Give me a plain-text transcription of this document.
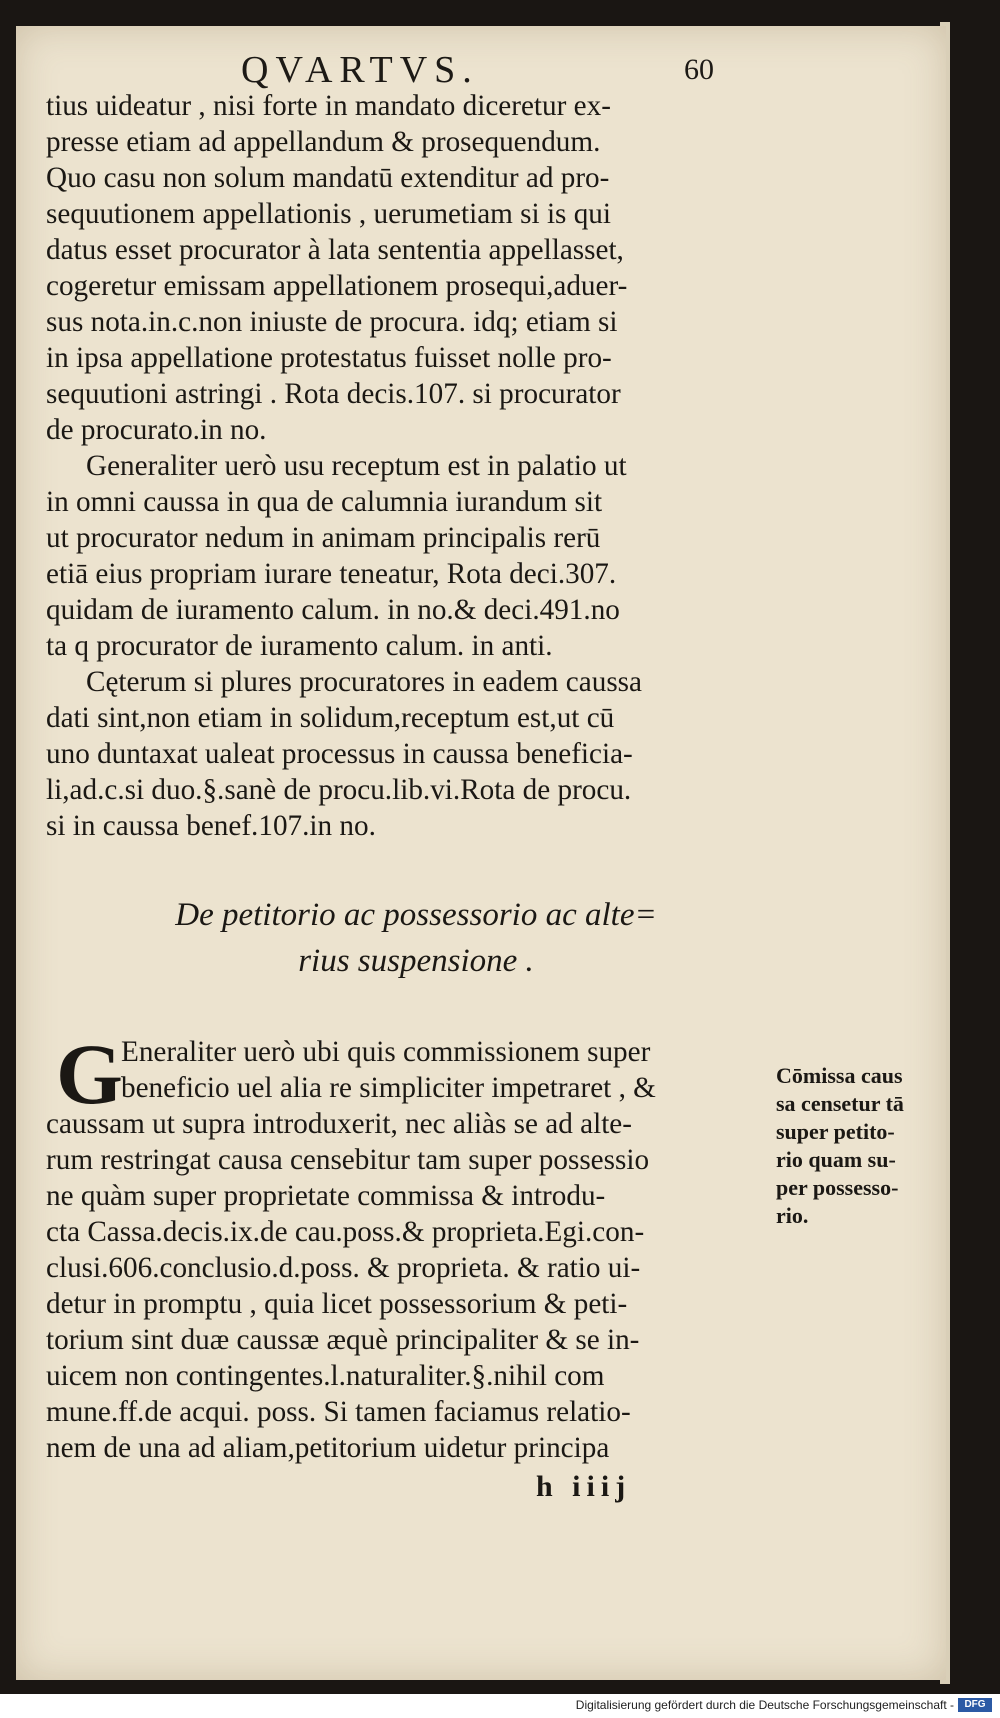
QVARTVS.	60
tius uideatur , nisi forte in mandato diceretur ex-
presse etiam ad appellandum & prosequendum.
Quo casu non solum mandatū extenditur ad pro-
sequutionem appellationis , uerumetiam si is qui
datus esset procurator à lata sententia appellasset,
cogeretur emissam appellationem prosequi,aduer-
sus nota.in.c.non iniuste de procura. idq; etiam si
in ipsa appellatione protestatus fuisset nolle pro-
sequutioni astringi . Rota decis.107. si procurator
de procurato.in no.
Generaliter uerò usu receptum est in palatio ut
in omni caussa in qua de calumnia iurandum sit
ut procurator nedum in animam principalis rerū
etiā eius propriam iurare teneatur, Rota deci.307.
quidam de iuramento calum. in no.& deci.491.no
ta q procurator de iuramento calum. in anti.
Cęterum si plures procuratores in eadem caussa
dati sint,non etiam in solidum,receptum est,ut cū
uno duntaxat ualeat processus in caussa beneficia-
li,ad.c.si duo.§.sanè de procu.lib.vi.Rota de procu.
si in caussa benef.107.in no.
De petitorio ac possessorio ac alte=
rius suspensione .
G
Eneraliter uerò ubi quis commissionem super
beneficio uel alia re simpliciter impetraret , &
caussam ut supra introduxerit, nec aliàs se ad alte-
rum restringat causa censebitur tam super possessio
ne quàm super proprietate commissa & introdu-
cta Cassa.decis.ix.de cau.poss.& proprieta.Egi.con-
clusi.606.conclusio.d.poss. & proprieta. & ratio ui-
detur in promptu , quia licet possessorium & peti-
torium sint duæ caussæ æquè principaliter & se in-
uicem non contingentes.l.naturaliter.§.nihil com
mune.ff.de acqui. poss. Si tamen faciamus relatio-
nem de una ad aliam,petitorium uidetur principa
Cōmissa caus
sa censetur tā
super petito-
rio quam su-
per possesso-
rio.
h iiij
Digitalisierung gefördert durch die Deutsche Forschungsgemeinschaft -	DFG
